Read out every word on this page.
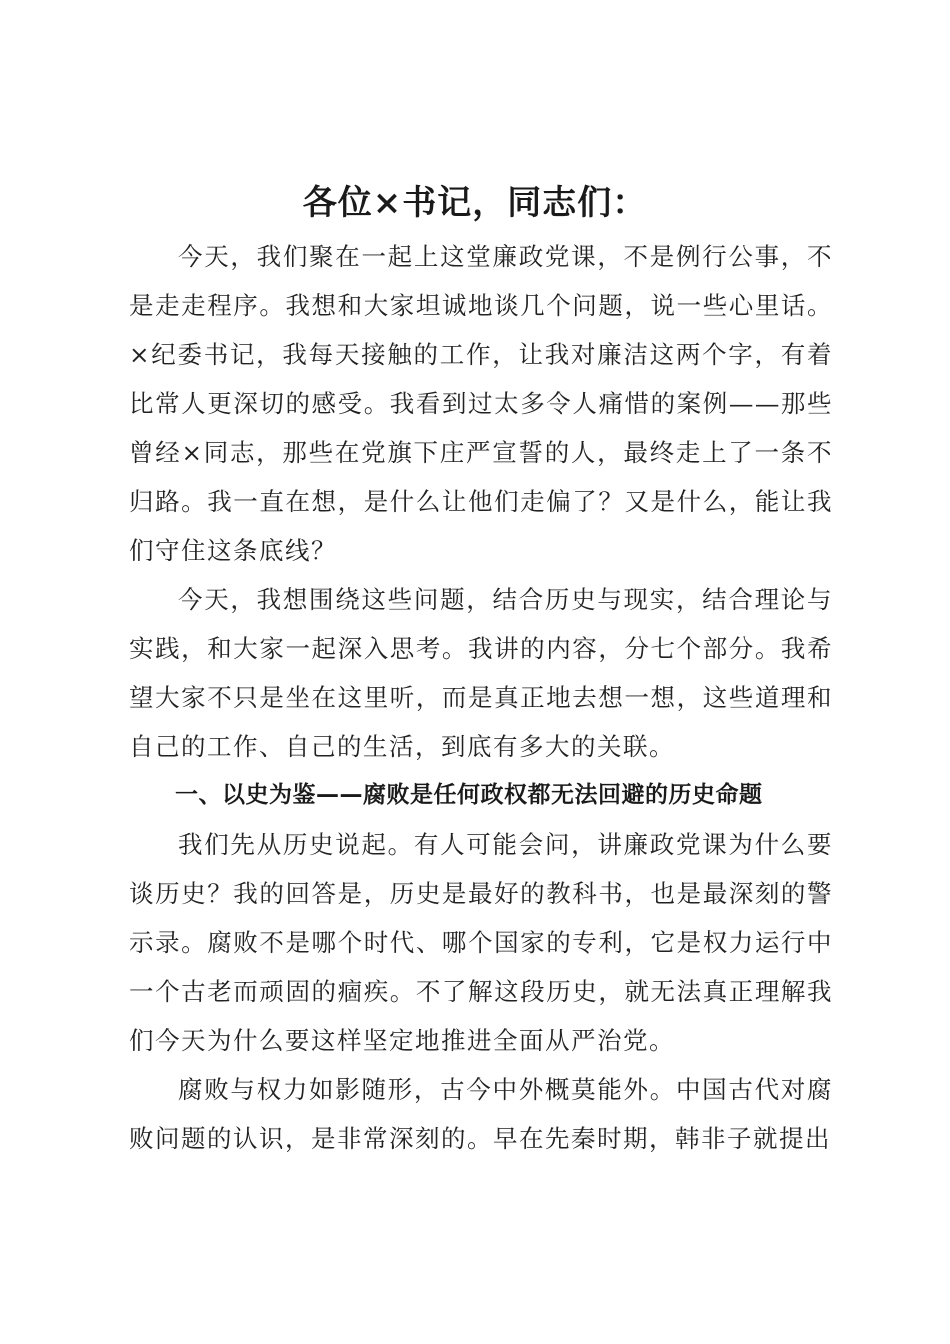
各位×书记，同志们：

今天，我们聚在一起上这堂廉政党课，不是例行公事，不是走走程序。我想和大家坦诚地谈几个问题，说一些心里话。×纪委书记，我每天接触的工作，让我对廉洁这两个字，有着比常人更深切的感受。我看到过太多令人痛惜的案例——那些曾经×同志，那些在党旗下庄严宣誓的人，最终走上了一条不归路。我一直在想，是什么让他们走偏了？又是什么，能让我们守住这条底线？

今天，我想围绕这些问题，结合历史与现实，结合理论与实践，和大家一起深入思考。我讲的内容，分七个部分。我希望大家不只是坐在这里听，而是真正地去想一想，这些道理和自己的工作、自己的生活，到底有多大的关联。

一、以史为鉴——腐败是任何政权都无法回避的历史命题

我们先从历史说起。有人可能会问，讲廉政党课为什么要谈历史？我的回答是，历史是最好的教科书，也是最深刻的警示录。腐败不是哪个时代、哪个国家的专利，它是权力运行中一个古老而顽固的痼疾。不了解这段历史，就无法真正理解我们今天为什么要这样坚定地推进全面从严治党。

腐败与权力如影随形，古今中外概莫能外。中国古代对腐败问题的认识，是非常深刻的。早在先秦时期，韩非子就提出
